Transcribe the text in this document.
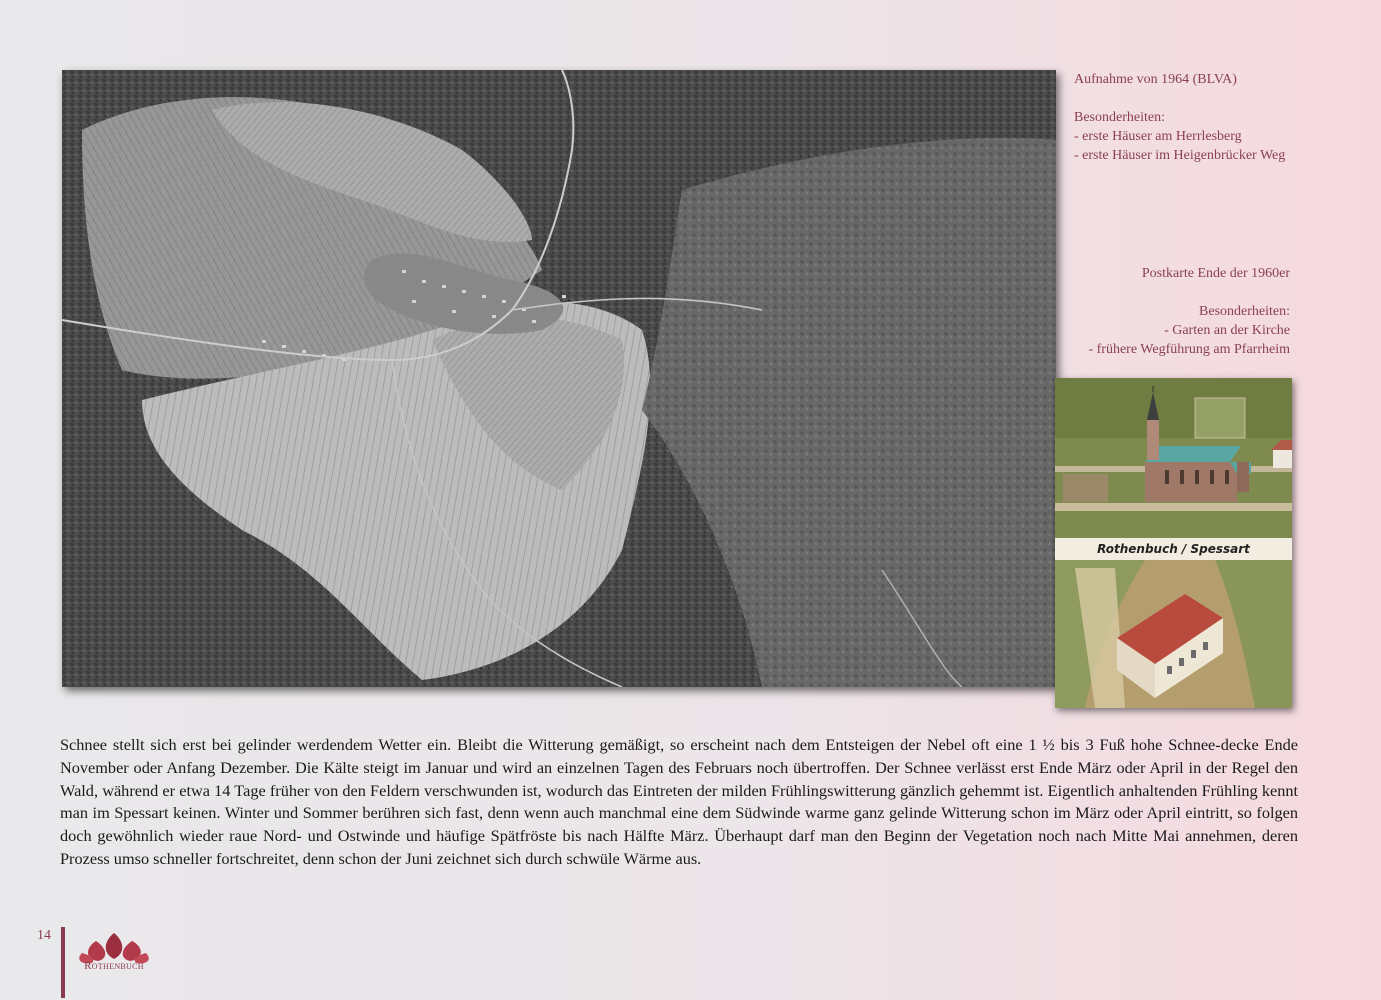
Aufnahme von 1964 (BLVA)
Besonderheiten:
- erste Häuser am Herrlesberg
- erste Häuser im Heigenbrücker Weg
Postkarte Ende der 1960er
Besonderheiten:
- Garten an der Kirche
- frühere Wegführung am Pfarrheim
Rothenbuch / Spessart
Schnee stellt sich erst bei gelinder werdendem Wetter ein. Bleibt die Witterung gemäßigt, so erscheint nach dem Entsteigen der Nebel oft eine 1 ½ bis 3 Fuß hohe Schnee-decke Ende November oder Anfang Dezember. Die Kälte steigt im Januar und wird an einzelnen Tagen des Februars noch übertroffen. Der Schnee verlässt erst Ende März oder April in der Regel den Wald, während er etwa 14 Tage früher von den Feldern verschwunden ist, wodurch das Eintreten der milden Frühlingswitterung gänzlich gehemmt ist. Eigentlich anhaltenden Frühling kennt man im Spessart keinen. Winter und Sommer berühren sich fast, denn wenn auch manchmal eine dem Südwinde warme ganz gelinde Witterung schon im März oder April eintritt, so folgen doch gewöhnlich wieder raue Nord- und Ostwinde und häufige Spätfröste bis nach Hälfte März. Überhaupt darf man den Beginn der Vegetation noch nach Mitte Mai annehmen, deren Prozess umso schneller fortschreitet, denn schon der Juni zeichnet sich durch schwüle Wärme aus.
14
Rothenbuch
